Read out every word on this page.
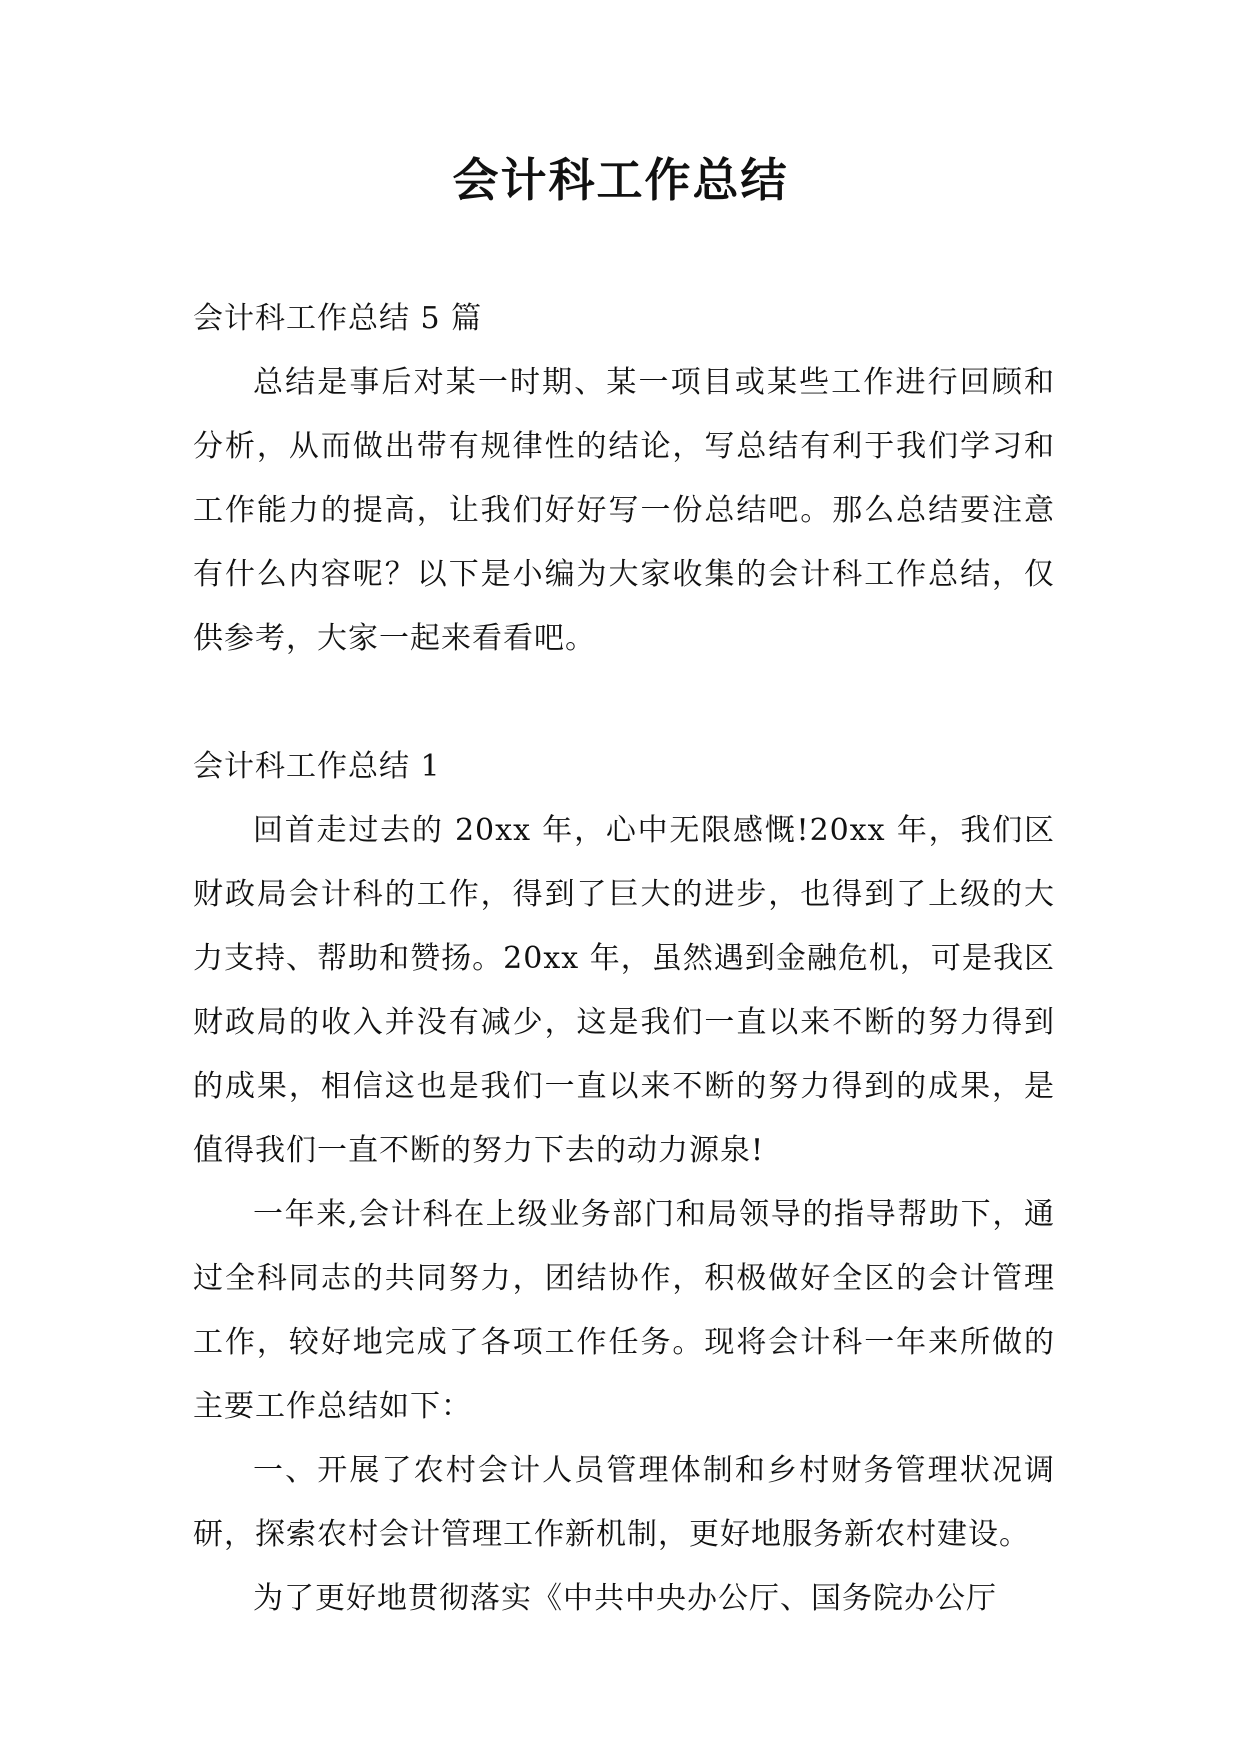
会计科工作总结

会计科工作总结 5 篇

总结是事后对某一时期、某一项目或某些工作进行回顾和分析，从而做出带有规律性的结论，写总结有利于我们学习和工作能力的提高，让我们好好写一份总结吧。那么总结要注意有什么内容呢？以下是小编为大家收集的会计科工作总结，仅供参考，大家一起来看看吧。

会计科工作总结 1

回首走过去的 20xx 年，心中无限感慨!20xx 年，我们区财政局会计科的工作，得到了巨大的进步，也得到了上级的大力支持、帮助和赞扬。20xx 年，虽然遇到金融危机，可是我区财政局的收入并没有减少，这是我们一直以来不断的努力得到的成果，相信这也是我们一直以来不断的努力得到的成果，是值得我们一直不断的努力下去的动力源泉!

一年来,会计科在上级业务部门和局领导的指导帮助下，通过全科同志的共同努力，团结协作，积极做好全区的会计管理工作，较好地完成了各项工作任务。现将会计科一年来所做的主要工作总结如下：

一、开展了农村会计人员管理体制和乡村财务管理状况调研，探索农村会计管理工作新机制，更好地服务新农村建设。

为了更好地贯彻落实《中共中央办公厅、国务院办公厅
